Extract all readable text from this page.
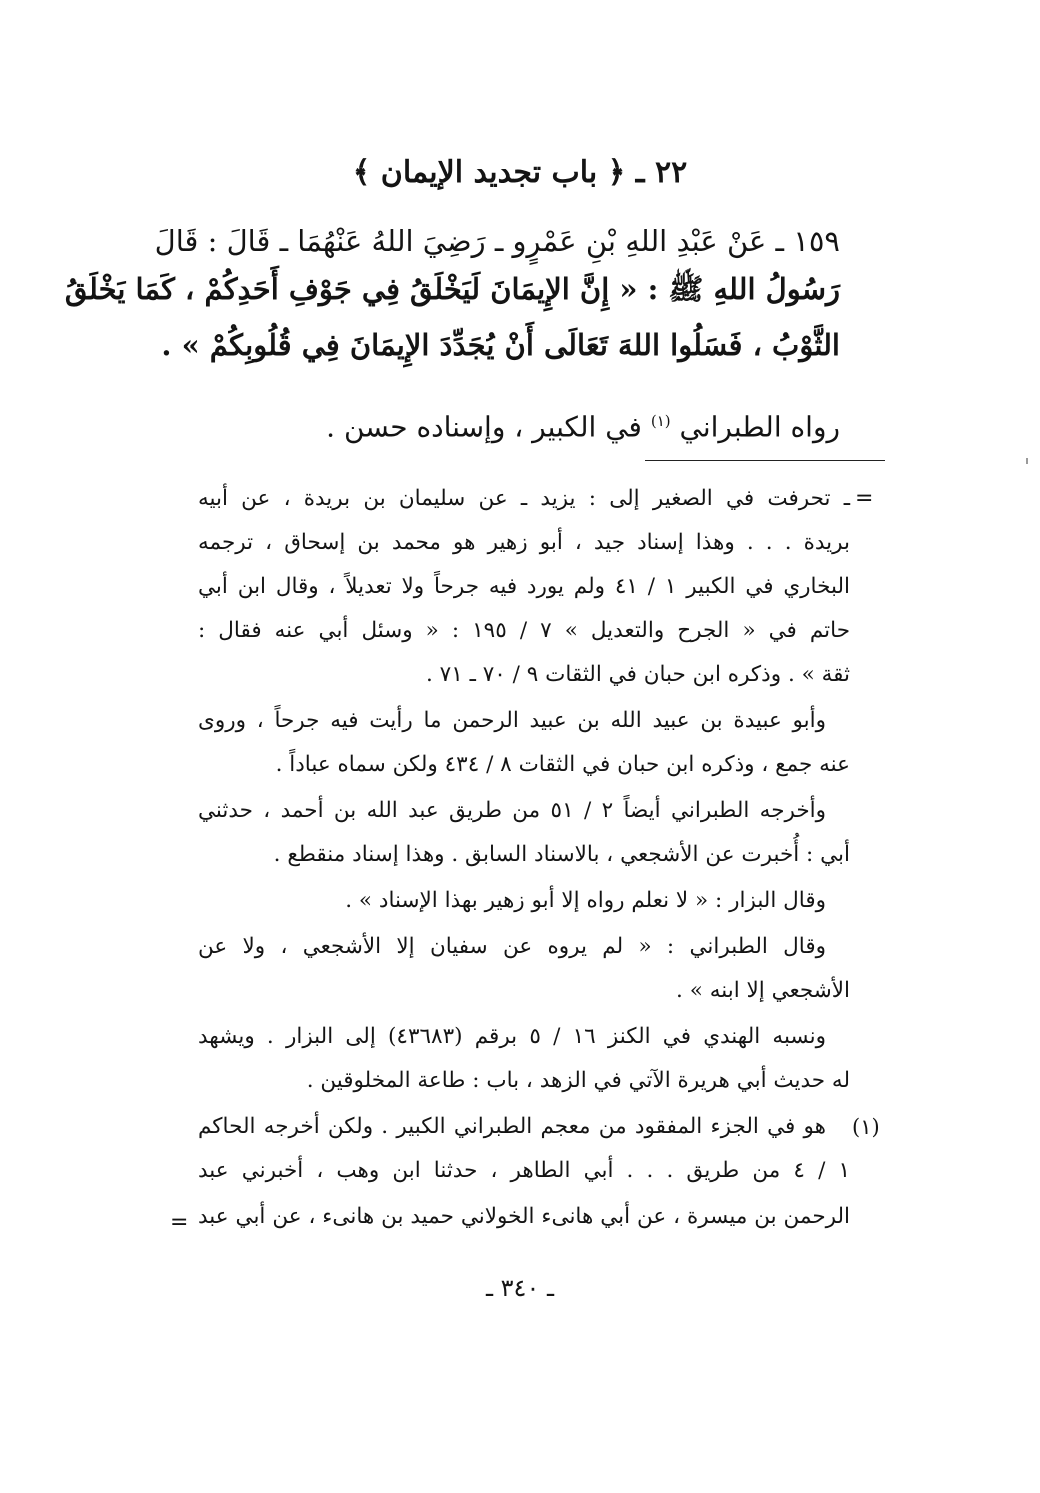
٢٢ ـ ﴿ باب تجديد الإيمان ﴾
١٥٩ ـ عَنْ عَبْدِ اللهِ بْنِ عَمْرٍو ـ رَضِيَ اللهُ عَنْهُمَا ـ قَالَ : قَالَ
رَسُولُ اللهِ ﷺ : « إِنَّ الإِيمَانَ لَيَخْلَقُ فِي جَوْفِ أَحَدِكُمْ ، كَمَا يَخْلَقُ
الثَّوْبُ ، فَسَلُوا اللهَ تَعَالَى أَنْ يُجَدِّدَ الإِيمَانَ فِي قُلُوبِكُمْ » .
رواه الطبراني $^{(١)}$ في الكبير ، وإسناده حسن .
=
ـ تحرفت في الصغير إلى : يزيد ـ عن سليمان بن بريدة ، عن أبيه
بريدة . . . وهذا إسناد جيد ، أبو زهير هو محمد بن إسحاق ، ترجمه
البخاري في الكبير ١ / ٤١ ولم يورد فيه جرحاً ولا تعديلاً ، وقال ابن أبي
حاتم في « الجرح والتعديل » ٧ / ١٩٥ : « وسئل أبي عنه فقال :
ثقة » . وذكره ابن حبان في الثقات ٩ / ٧٠ ـ ٧١ .
وأبو عبيدة بن عبيد الله بن عبيد الرحمن ما رأيت فيه جرحاً ، وروى
عنه جمع ، وذكره ابن حبان في الثقات ٨ / ٤٣٤ ولكن سماه عباداً .
وأخرجه الطبراني أيضاً ٢ / ٥١ من طريق عبد الله بن أحمد ، حدثني
أبي : أُخبرت عن الأشجعي ، بالاسناد السابق . وهذا إسناد منقطع .
وقال البزار : « لا نعلم رواه إلا أبو زهير بهذا الإسناد » .
وقال الطبراني : « لم يروه عن سفيان إلا الأشجعي ، ولا عن
الأشجعي إلا ابنه » .
ونسبه الهندي في الكنز ١٦ / ٥ برقم (٤٣٦٨٣) إلى البزار . ويشهد
له حديث أبي هريرة الآتي في الزهد ، باب : طاعة المخلوقين .
(١)
هو في الجزء المفقود من معجم الطبراني الكبير . ولكن أخرجه الحاكم
١ / ٤ من طريق . . . أبي الطاهر ، حدثنا ابن وهب ، أخبرني عبد
الرحمن بن ميسرة ، عن أبي هانىء الخولاني حميد بن هانىء ، عن أبي عبد
=
ـ ٣٤٠ ـ
